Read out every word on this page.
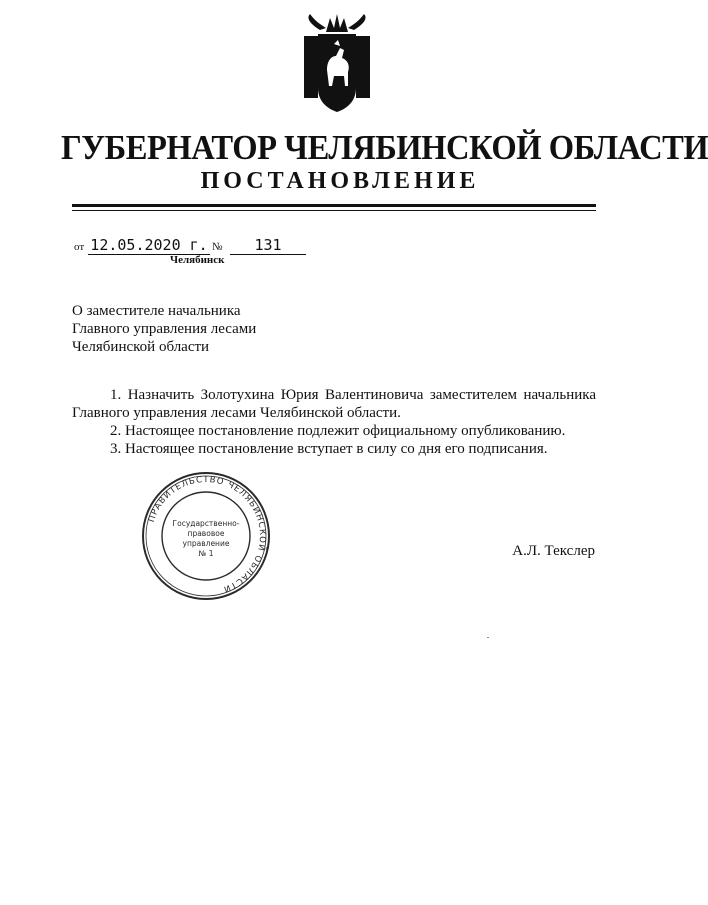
ГУБЕРНАТОР ЧЕЛЯБИНСКОЙ ОБЛАСТИ
ПОСТАНОВЛЕНИЕ
от 12.05.2020 г. №	131
Челябинск
О заместителе начальника
Главного управления лесами
Челябинской области

1. Назначить Золотухина Юрия Валентиновича заместителем начальника Главного управления лесами Челябинской области.

2. Настоящее постановление подлежит официальному опубликованию.

3. Настоящее постановление вступает в силу со дня его подписания.

ПРАВИТЕЛЬСТВО ЧЕЛЯБИНСКОЙ ОБЛАСТИ
Государственно-
правовое
управление
№ 1	А.Л. Текслер
